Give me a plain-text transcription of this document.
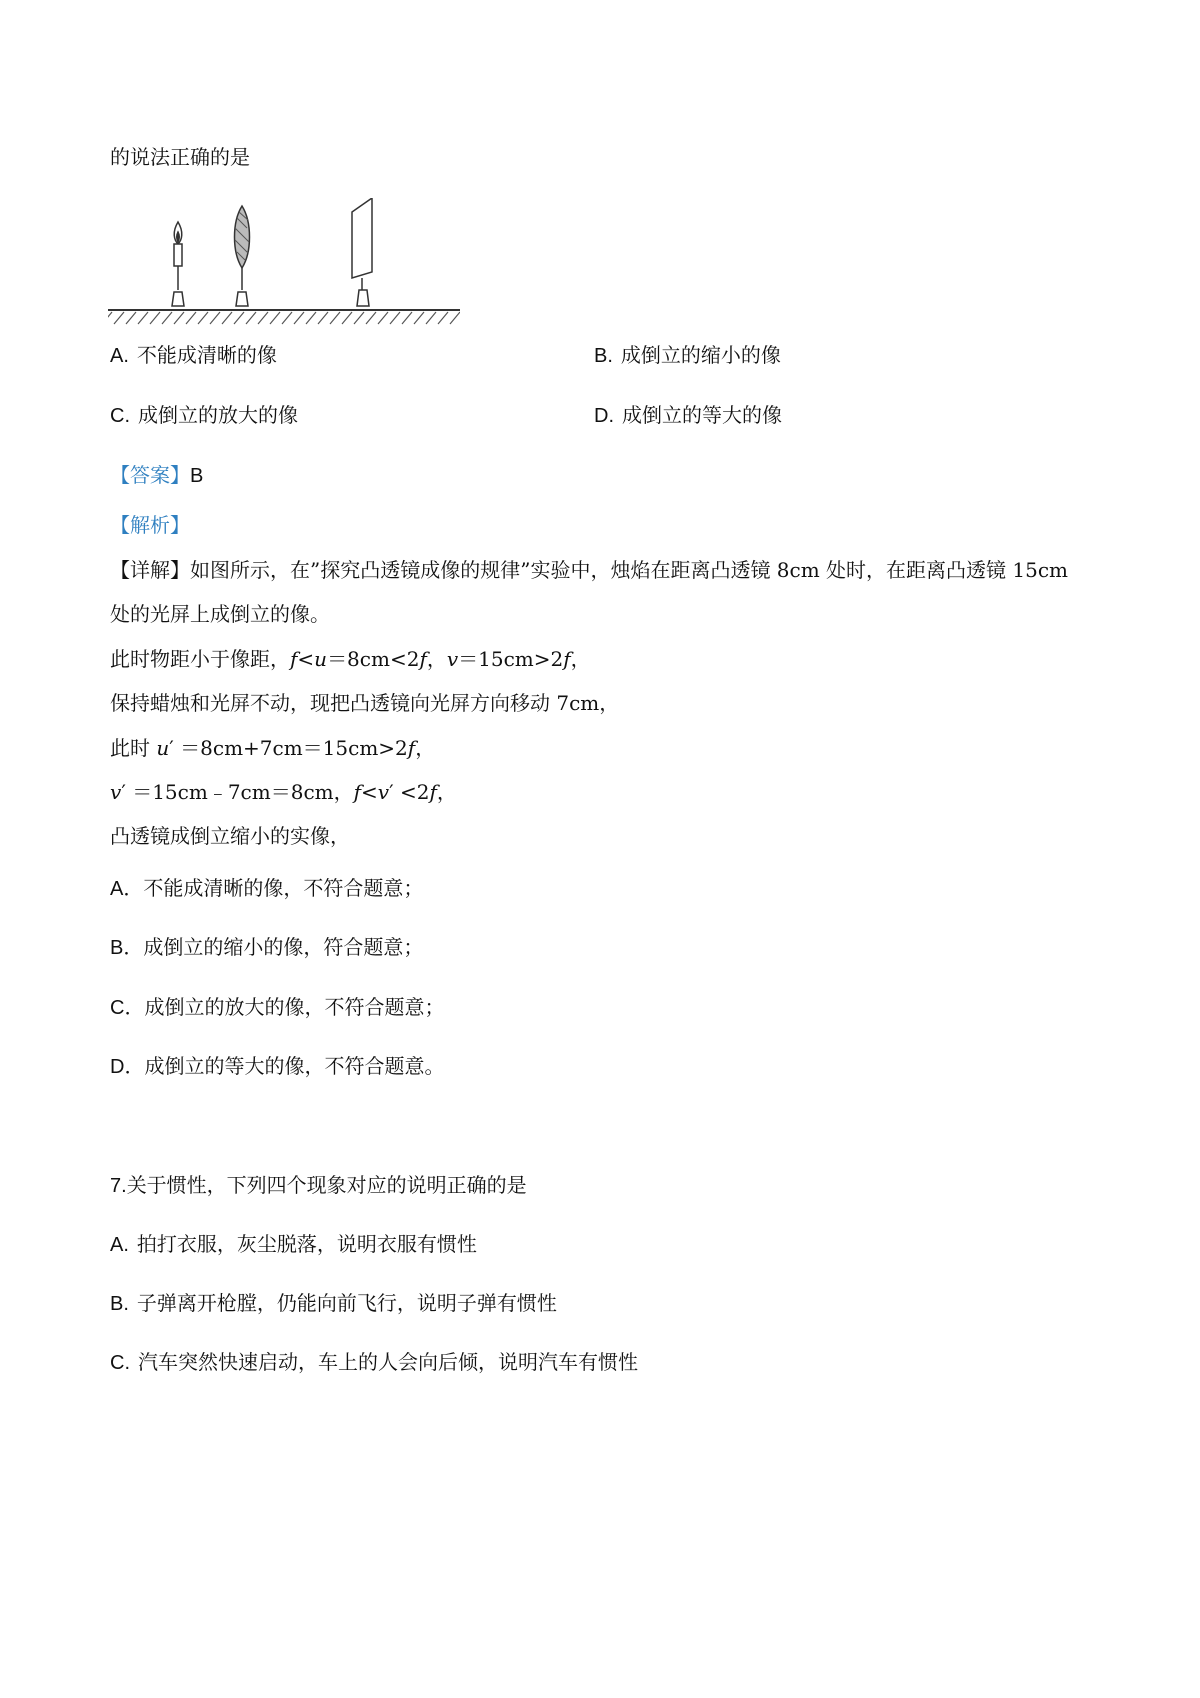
的说法正确的是
A. 不能成清晰的像	B. 成倒立的缩小的像
C. 成倒立的放大的像	D. 成倒立的等大的像
【答案】B
【解析】
【详解】如图所示，在”探究凸透镜成像的规律”实验中，烛焰在距离凸透镜 8cm 处时，在距离凸透镜 15cm
处的光屏上成倒立的像。
此时物距小于像距，f<u＝8cm<2f，v＝15cm>2f，
保持蜡烛和光屏不动，现把凸透镜向光屏方向移动 7cm，
此时 u′ ＝8cm+7cm＝15cm>2f，
v′ ＝15cm﹣7cm＝8cm，f<v′ <2f，
凸透镜成倒立缩小的实像，
A．不能成清晰的像，不符合题意；
B．成倒立的缩小的像，符合题意；
C．成倒立的放大的像，不符合题意；
D．成倒立的等大的像，不符合题意。
7.关于惯性，下列四个现象对应的说明正确的是
A. 拍打衣服，灰尘脱落，说明衣服有惯性
B. 子弹离开枪膛，仍能向前飞行，说明子弹有惯性
C. 汽车突然快速启动，车上的人会向后倾，说明汽车有惯性
